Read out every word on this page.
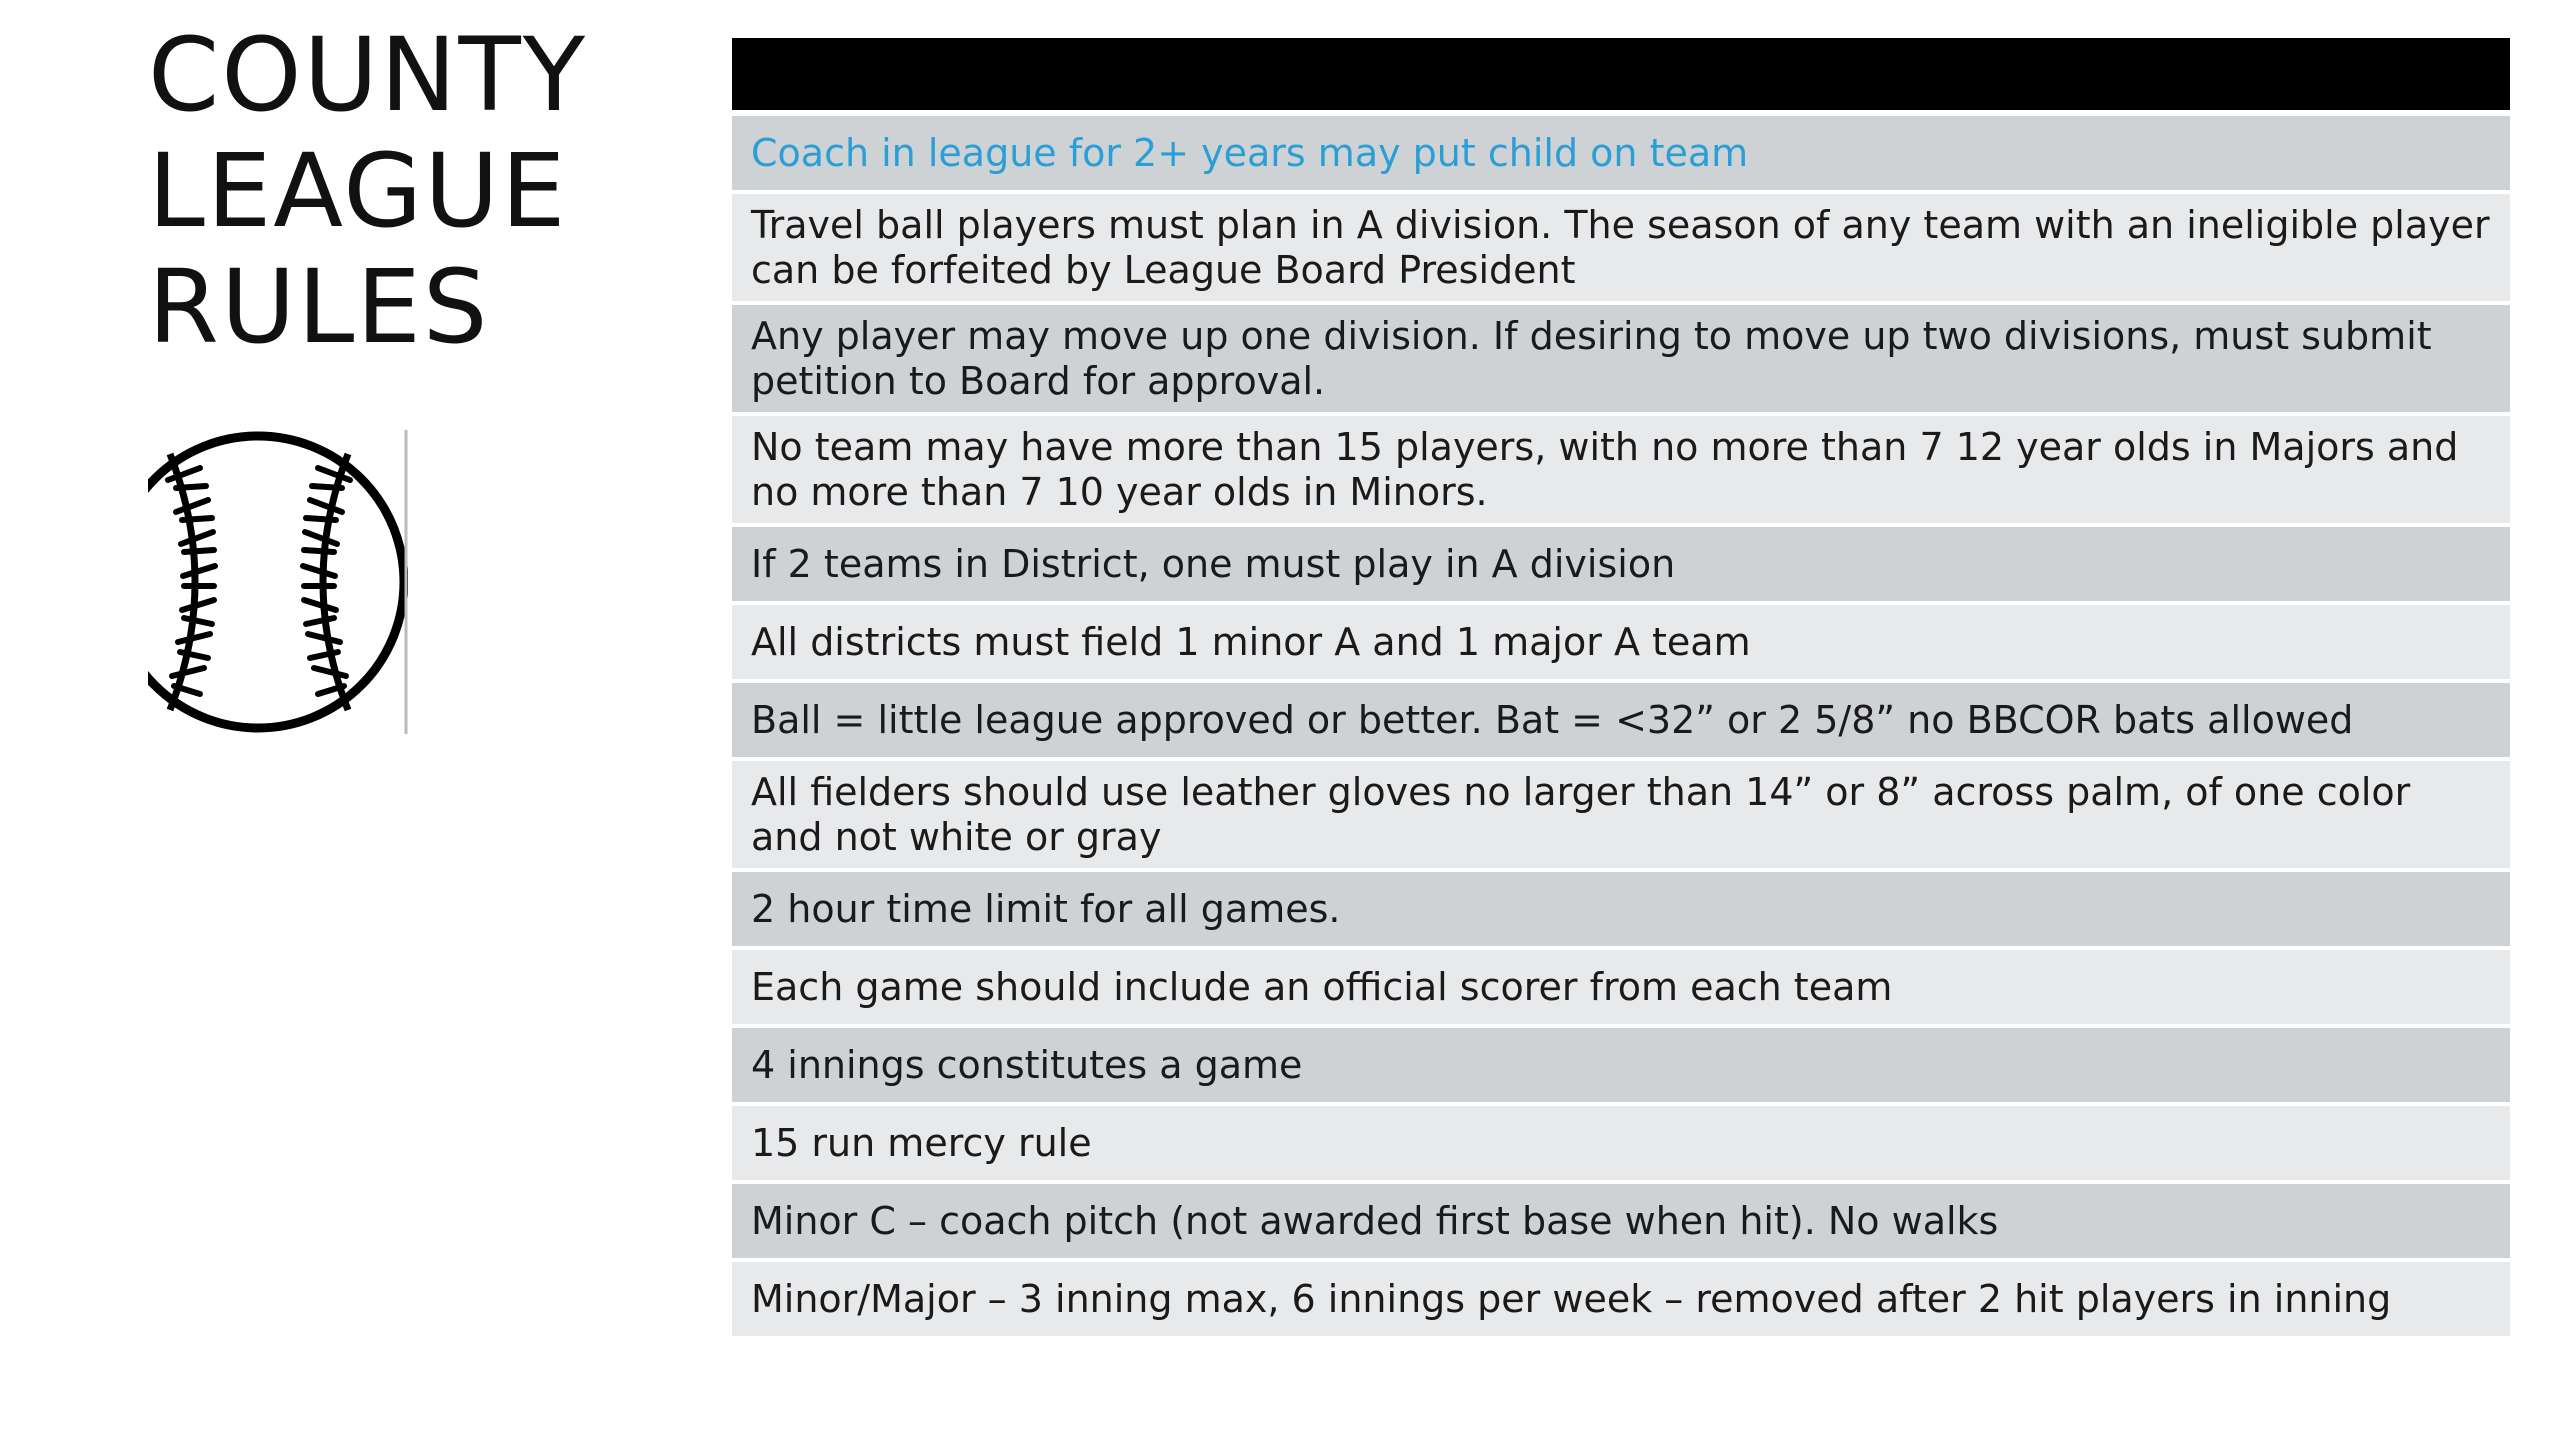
COUNTY
LEAGUE
RULES
Coach in league for 2+ years may put child on team
Travel ball players must plan in A division. The season of any team with an ineligible player can be forfeited by League Board President
Any player may move up one division. If desiring to move up two divisions, must submit petition to Board for approval.
No team may have more than 15 players, with no more than 7 12 year olds in Majors and no more than 7 10 year olds in Minors.
If 2 teams in District, one must play in A division
All districts must field 1 minor A and 1 major A team
Ball = little league approved or better. Bat = <32” or 2 5/8” no BBCOR bats allowed
All fielders should use leather gloves no larger than 14” or 8” across palm, of one color and not white or gray
2 hour time limit for all games.
Each game should include an official scorer from each team
4 innings constitutes a game
15 run mercy rule
Minor C – coach pitch (not awarded first base when hit). No walks
Minor/Major – 3 inning max, 6 innings per week – removed after 2 hit players in inning
